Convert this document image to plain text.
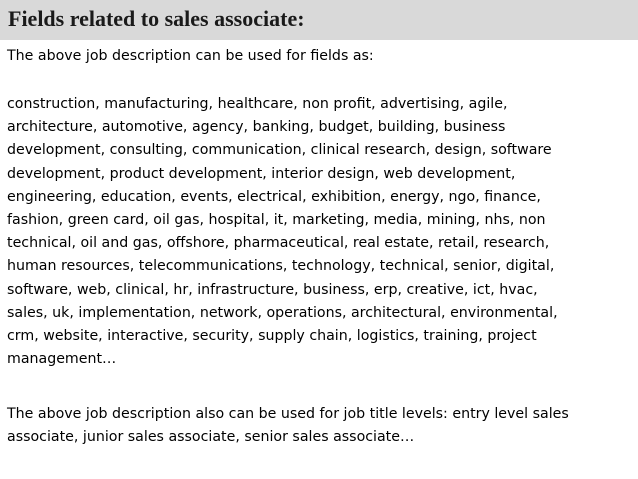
Fields related to sales associate:

The above job description can be used for fields as:

construction, manufacturing, healthcare, non profit, advertising, agile,
architecture, automotive, agency, banking, budget, building, business
development, consulting, communication, clinical research, design, software
development, product development, interior design, web development,
engineering, education, events, electrical, exhibition, energy, ngo, finance,
fashion, green card, oil gas, hospital, it, marketing, media, mining, nhs, non
technical, oil and gas, offshore, pharmaceutical, real estate, retail, research,
human resources, telecommunications, technology, technical, senior, digital,
software, web, clinical, hr, infrastructure, business, erp, creative, ict, hvac,
sales, uk, implementation, network, operations, architectural, environmental,
crm, website, interactive, security, supply chain, logistics, training, project
management…

The above job description also can be used for job title levels: entry level sales
associate, junior sales associate, senior sales associate…
